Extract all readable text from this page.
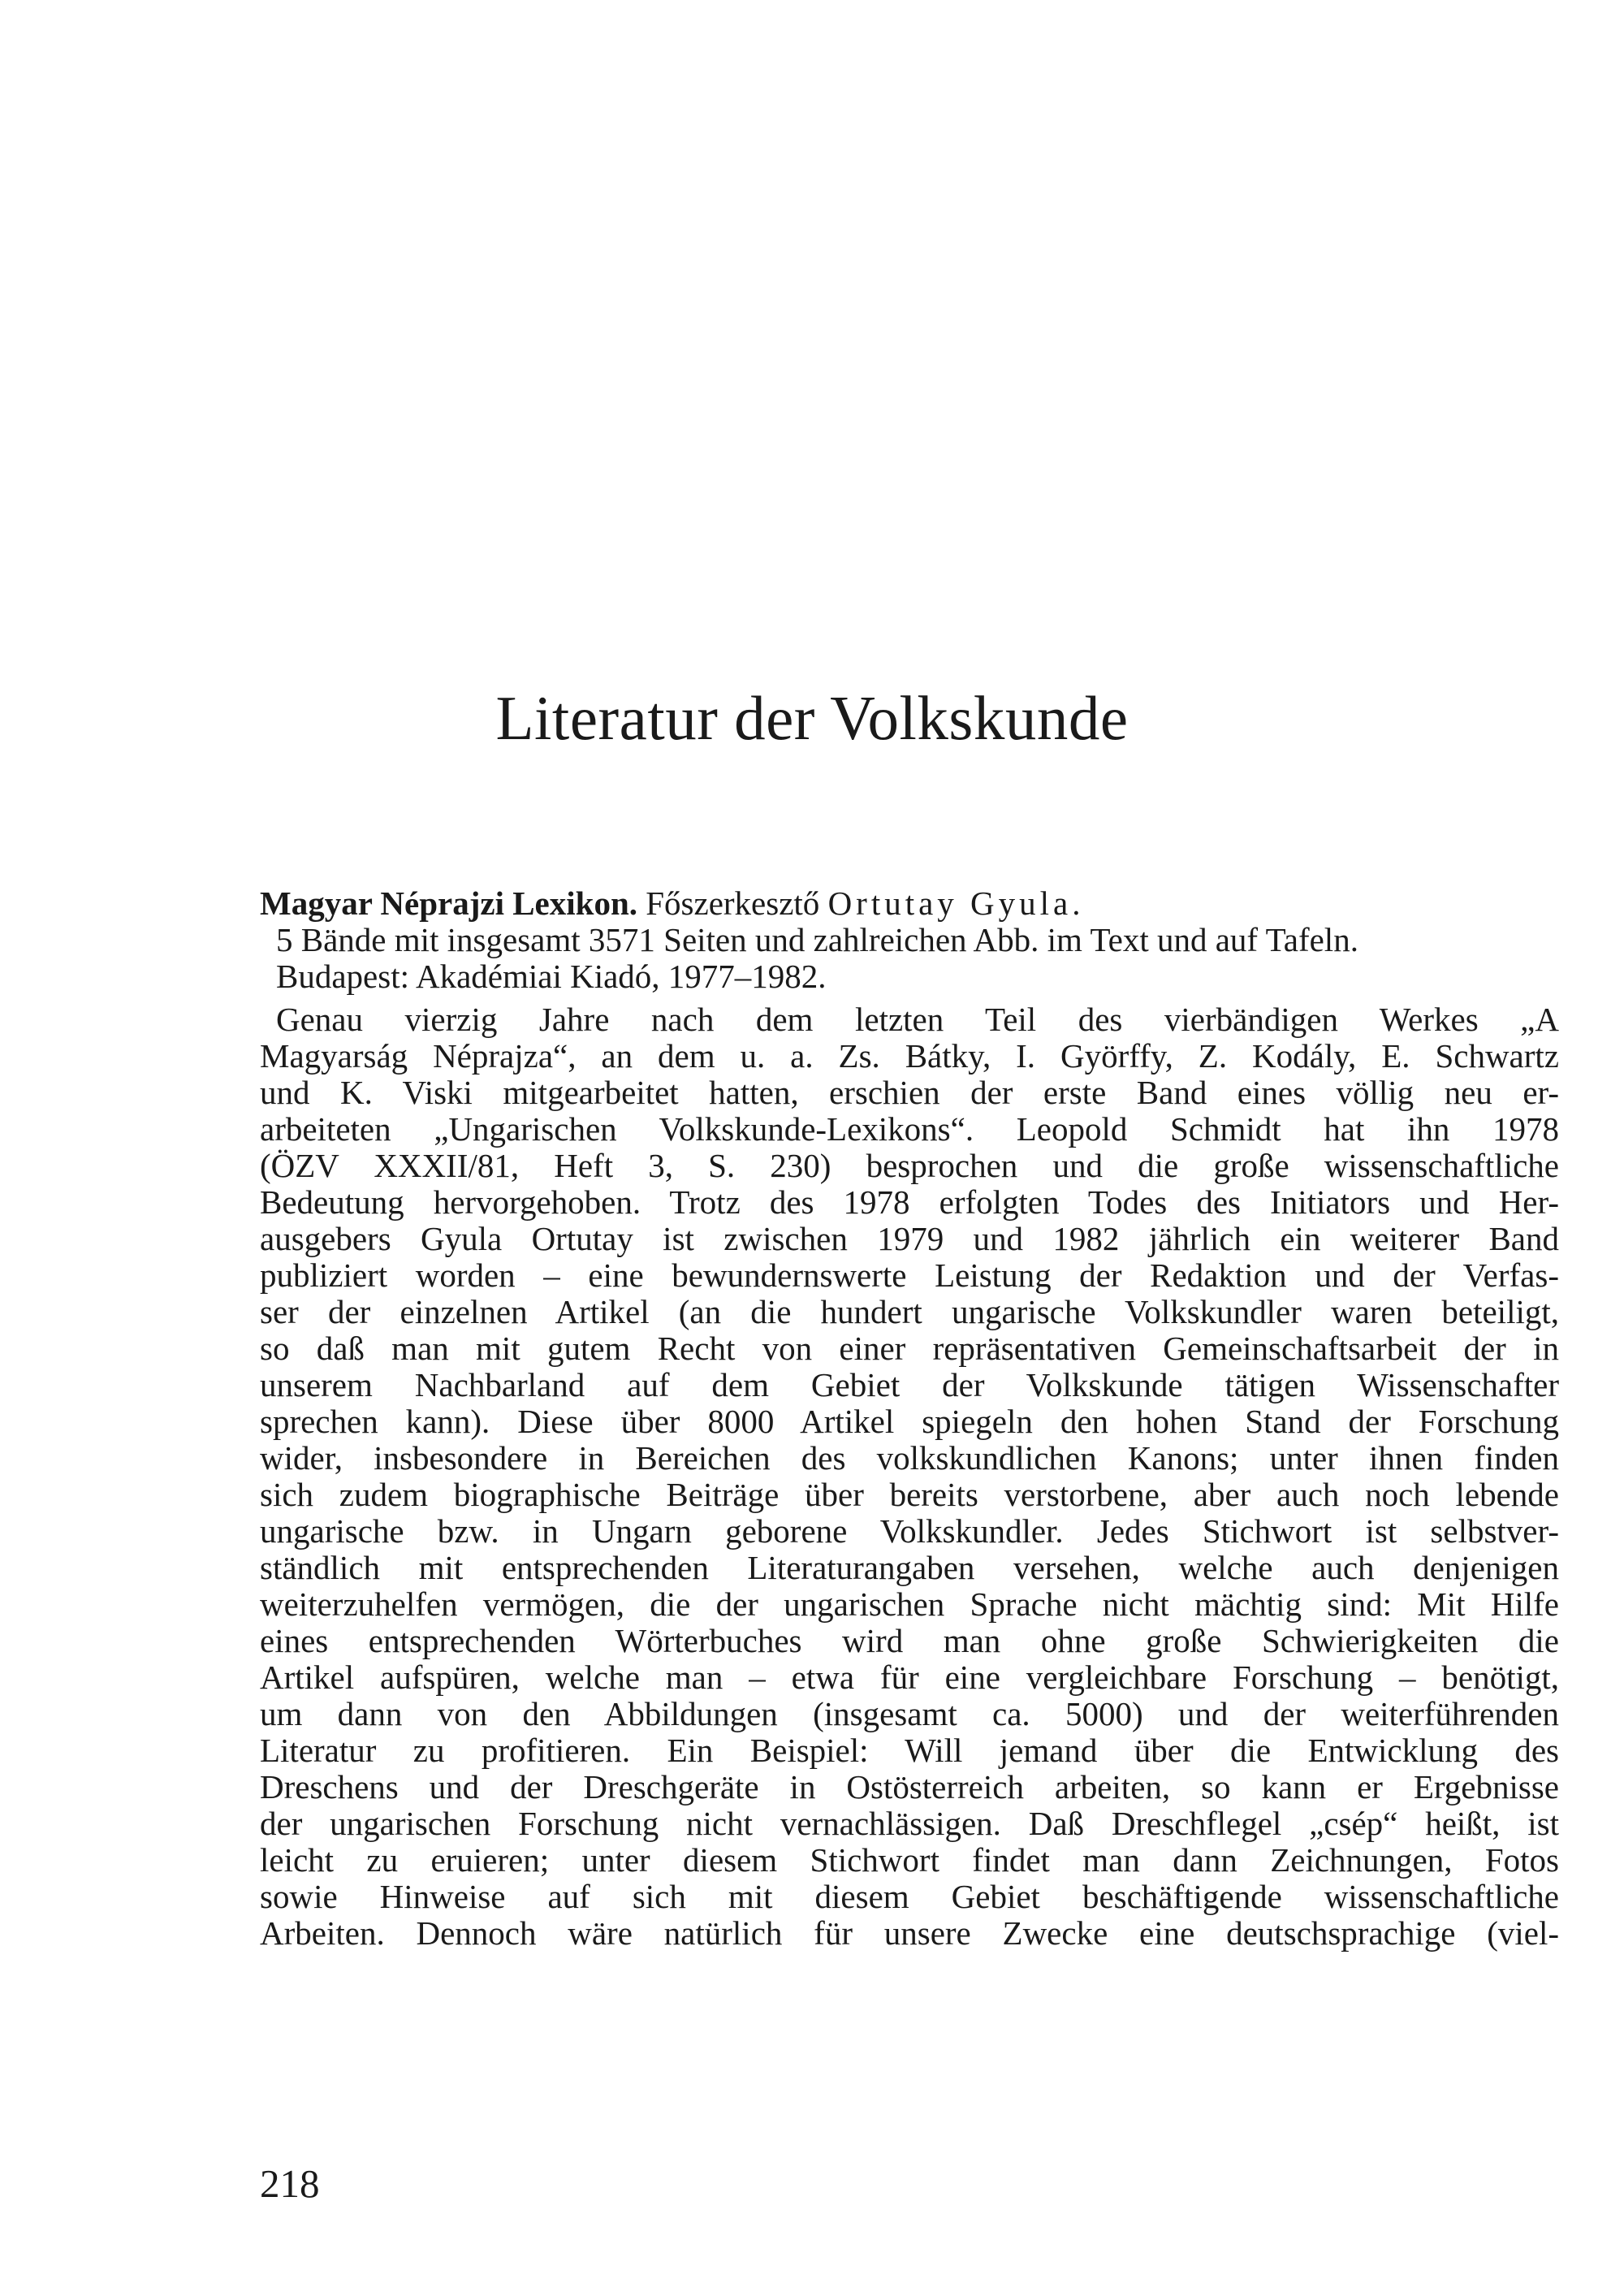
Literatur der Volkskunde

Magyar Néprajzi Lexikon. Főszerkesztő Ortutay Gyula.

5 Bände mit insgesamt 3571 Seiten und zahlreichen Abb. im Text und auf Tafeln.

Budapest: Akadémiai Kiadó, 1977–1982.

Genau vierzig Jahre nach dem letzten Teil des vierbändigen Werkes „A
Magyarság Néprajza“, an dem u. a. Zs. Bátky, I. Györffy, Z. Kodály, E. Schwartz
und K. Viski mitgearbeitet hatten, erschien der erste Band eines völlig neu er-
arbeiteten „Ungarischen Volkskunde-Lexikons“. Leopold Schmidt hat ihn 1978
(ÖZV XXXII/81, Heft 3, S. 230) besprochen und die große wissenschaftliche
Bedeutung hervorgehoben. Trotz des 1978 erfolgten Todes des Initiators und Her-
ausgebers Gyula Ortutay ist zwischen 1979 und 1982 jährlich ein weiterer Band
publiziert worden – eine bewundernswerte Leistung der Redaktion und der Verfas-
ser der einzelnen Artikel (an die hundert ungarische Volkskundler waren beteiligt,
so daß man mit gutem Recht von einer repräsentativen Gemeinschaftsarbeit der in
unserem Nachbarland auf dem Gebiet der Volkskunde tätigen Wissenschafter
sprechen kann). Diese über 8000 Artikel spiegeln den hohen Stand der Forschung
wider, insbesondere in Bereichen des volkskundlichen Kanons; unter ihnen finden
sich zudem biographische Beiträge über bereits verstorbene, aber auch noch lebende
ungarische bzw. in Ungarn geborene Volkskundler. Jedes Stichwort ist selbstver-
ständlich mit entsprechenden Literaturangaben versehen, welche auch denjenigen
weiterzuhelfen vermögen, die der ungarischen Sprache nicht mächtig sind: Mit Hilfe
eines entsprechenden Wörterbuches wird man ohne große Schwierigkeiten die
Artikel aufspüren, welche man – etwa für eine vergleichbare Forschung – benötigt,
um dann von den Abbildungen (insgesamt ca. 5000) und der weiterführenden
Literatur zu profitieren. Ein Beispiel: Will jemand über die Entwicklung des
Dreschens und der Dreschgeräte in Ostösterreich arbeiten, so kann er Ergebnisse
der ungarischen Forschung nicht vernachlässigen. Daß Dreschflegel „csép“ heißt, ist
leicht zu eruieren; unter diesem Stichwort findet man dann Zeichnungen, Fotos
sowie Hinweise auf sich mit diesem Gebiet beschäftigende wissenschaftliche
Arbeiten. Dennoch wäre natürlich für unsere Zwecke eine deutschsprachige (viel-

218
